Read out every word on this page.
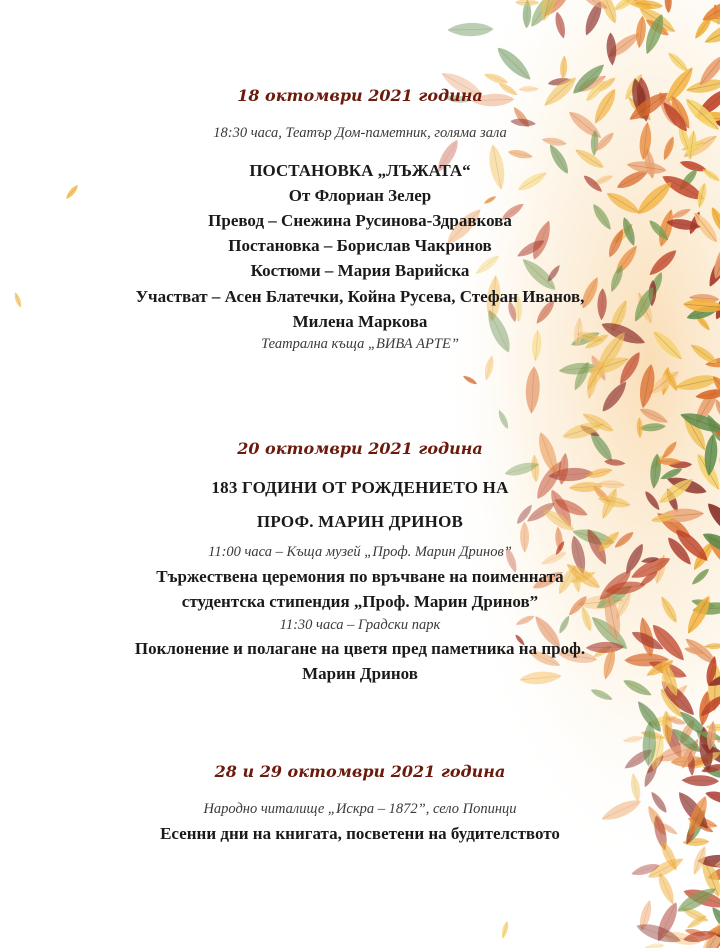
18 октомври 2021 година
18:30 часа, Театър Дом-паметник, голяма зала
ПОСТАНОВКА „ЛЪЖАТА“
От Флориан Зелер
Превод – Снежина Русинова-Здравкова
Постановка – Борислав Чакринов
Костюми – Мария Варийска
Участват – Асен Блатечки, Койна Русева, Стефан Иванов,
Милена Маркова
Театрална къща „ВИВА АРТЕ”
20 октомври 2021 година
183 ГОДИНИ ОТ РОЖДЕНИЕТО НА
ПРОФ. МАРИН ДРИНОВ
11:00 часа – Къща музей „Проф. Марин Дринов”
Тържествена церемония по връчване на поименната
студентска стипендия „Проф. Марин Дринов”
11:30 часа – Градски парк
Поклонение и полагане на цветя пред паметника на проф.
Марин Дринов
28 и 29 октомври 2021 година
Народно читалище „Искра – 1872”, село Попинци
Есенни дни на книгата, посветени на будителството
